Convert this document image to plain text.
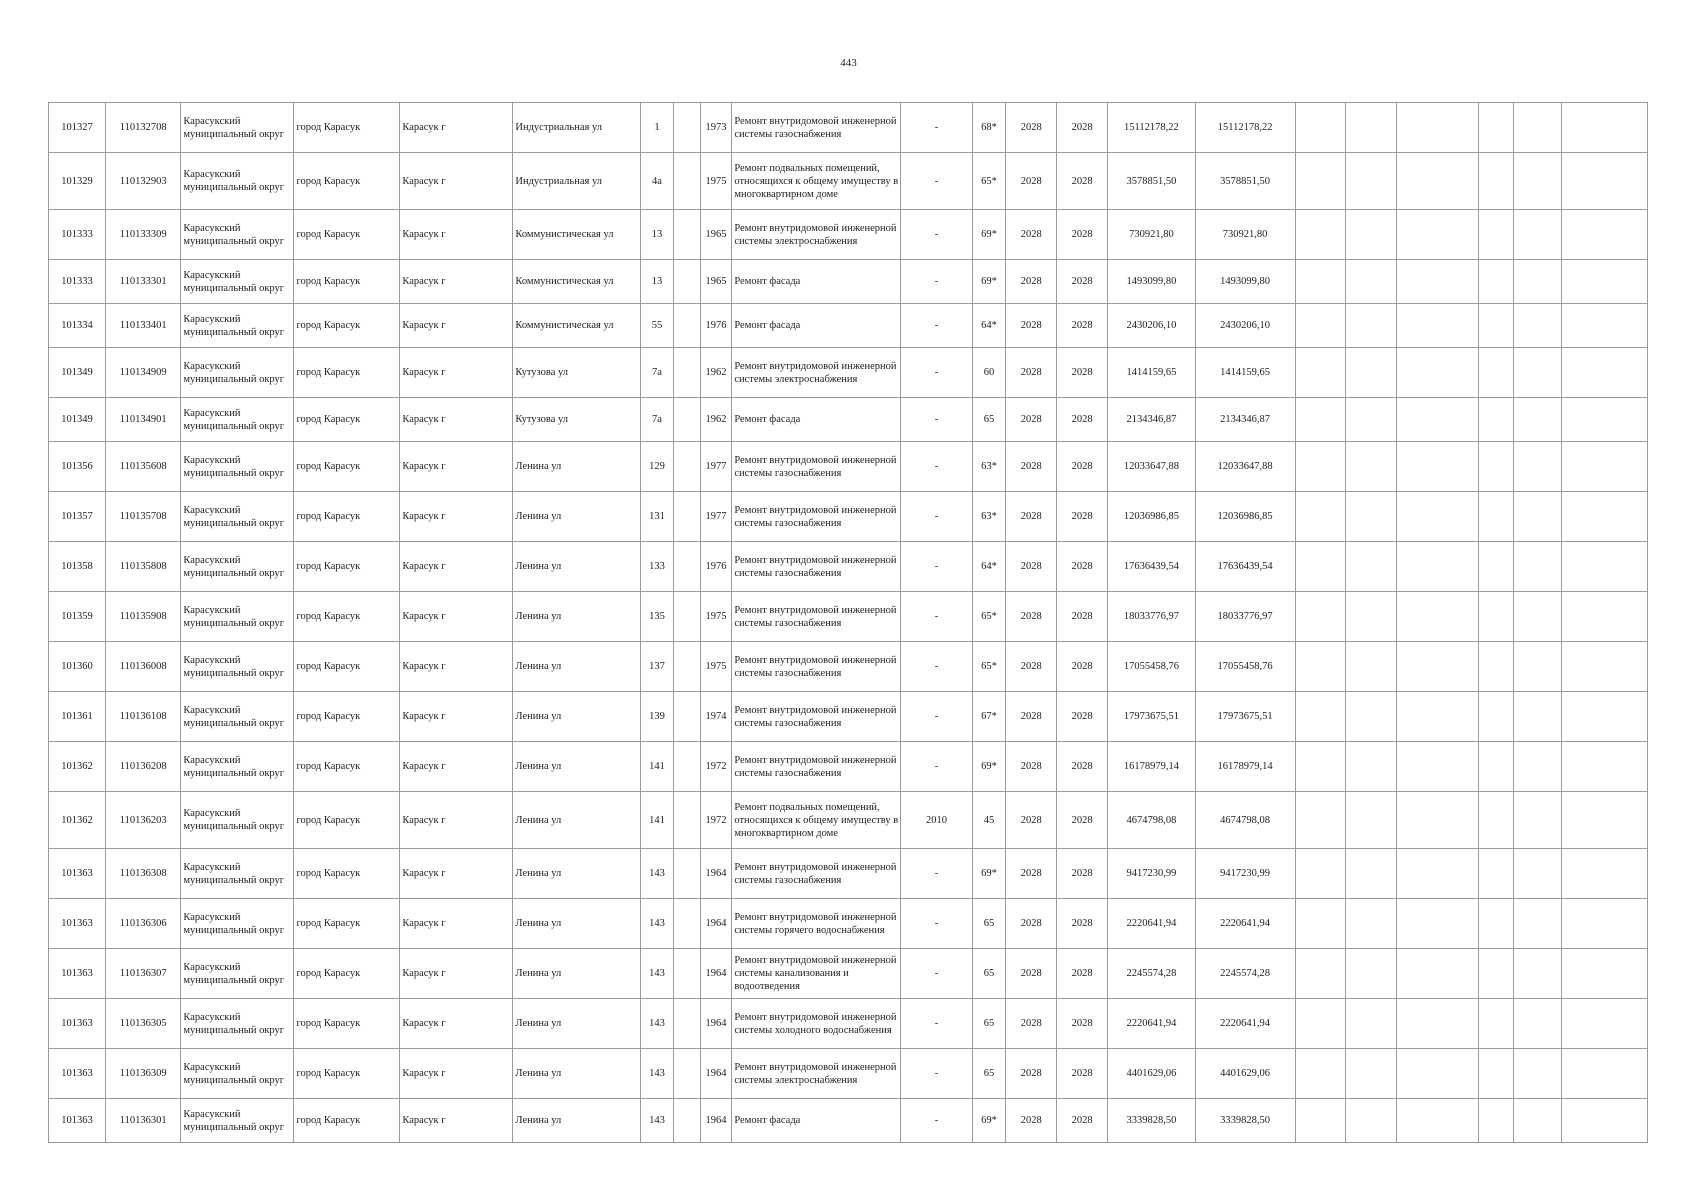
443
101327	110132708	Карасукский муниципальный округ	город Карасук	Карасук г	Индустриальная ул	1		1973	Ремонт внутридомовой инженерной системы газоснабжения	-	68*	2028	2028	15112178,22	15112178,22						
101329	110132903	Карасукский муниципальный округ	город Карасук	Карасук г	Индустриальная ул	4а		1975	Ремонт подвальных помещений, относящихся к общему имуществу в многоквартирном доме	-	65*	2028	2028	3578851,50	3578851,50						
101333	110133309	Карасукский муниципальный округ	город Карасук	Карасук г	Коммунистическая ул	13		1965	Ремонт внутридомовой инженерной системы электроснабжения	-	69*	2028	2028	730921,80	730921,80						
101333	110133301	Карасукский муниципальный округ	город Карасук	Карасук г	Коммунистическая ул	13		1965	Ремонт фасада	-	69*	2028	2028	1493099,80	1493099,80						
101334	110133401	Карасукский муниципальный округ	город Карасук	Карасук г	Коммунистическая ул	55		1976	Ремонт фасада	-	64*	2028	2028	2430206,10	2430206,10						
101349	110134909	Карасукский муниципальный округ	город Карасук	Карасук г	Кутузова ул	7а		1962	Ремонт внутридомовой инженерной системы электроснабжения	-	60	2028	2028	1414159,65	1414159,65						
101349	110134901	Карасукский муниципальный округ	город Карасук	Карасук г	Кутузова ул	7а		1962	Ремонт фасада	-	65	2028	2028	2134346,87	2134346,87						
101356	110135608	Карасукский муниципальный округ	город Карасук	Карасук г	Ленина ул	129		1977	Ремонт внутридомовой инженерной системы газоснабжения	-	63*	2028	2028	12033647,88	12033647,88						
101357	110135708	Карасукский муниципальный округ	город Карасук	Карасук г	Ленина ул	131		1977	Ремонт внутридомовой инженерной системы газоснабжения	-	63*	2028	2028	12036986,85	12036986,85						
101358	110135808	Карасукский муниципальный округ	город Карасук	Карасук г	Ленина ул	133		1976	Ремонт внутридомовой инженерной системы газоснабжения	-	64*	2028	2028	17636439,54	17636439,54						
101359	110135908	Карасукский муниципальный округ	город Карасук	Карасук г	Ленина ул	135		1975	Ремонт внутридомовой инженерной системы газоснабжения	-	65*	2028	2028	18033776,97	18033776,97						
101360	110136008	Карасукский муниципальный округ	город Карасук	Карасук г	Ленина ул	137		1975	Ремонт внутридомовой инженерной системы газоснабжения	-	65*	2028	2028	17055458,76	17055458,76						
101361	110136108	Карасукский муниципальный округ	город Карасук	Карасук г	Ленина ул	139		1974	Ремонт внутридомовой инженерной системы газоснабжения	-	67*	2028	2028	17973675,51	17973675,51						
101362	110136208	Карасукский муниципальный округ	город Карасук	Карасук г	Ленина ул	141		1972	Ремонт внутридомовой инженерной системы газоснабжения	-	69*	2028	2028	16178979,14	16178979,14						
101362	110136203	Карасукский муниципальный округ	город Карасук	Карасук г	Ленина ул	141		1972	Ремонт подвальных помещений, относящихся к общему имуществу в многоквартирном доме	2010	45	2028	2028	4674798,08	4674798,08						
101363	110136308	Карасукский муниципальный округ	город Карасук	Карасук г	Ленина ул	143		1964	Ремонт внутридомовой инженерной системы газоснабжения	-	69*	2028	2028	9417230,99	9417230,99						
101363	110136306	Карасукский муниципальный округ	город Карасук	Карасук г	Ленина ул	143		1964	Ремонт внутридомовой инженерной системы горячего водоснабжения	-	65	2028	2028	2220641,94	2220641,94						
101363	110136307	Карасукский муниципальный округ	город Карасук	Карасук г	Ленина ул	143		1964	Ремонт внутридомовой инженерной системы канализования и водоотведения	-	65	2028	2028	2245574,28	2245574,28						
101363	110136305	Карасукский муниципальный округ	город Карасук	Карасук г	Ленина ул	143		1964	Ремонт внутридомовой инженерной системы холодного водоснабжения	-	65	2028	2028	2220641,94	2220641,94						
101363	110136309	Карасукский муниципальный округ	город Карасук	Карасук г	Ленина ул	143		1964	Ремонт внутридомовой инженерной системы электроснабжения	-	65	2028	2028	4401629,06	4401629,06						
101363	110136301	Карасукский муниципальный округ	город Карасук	Карасук г	Ленина ул	143		1964	Ремонт фасада	-	69*	2028	2028	3339828,50	3339828,50						
